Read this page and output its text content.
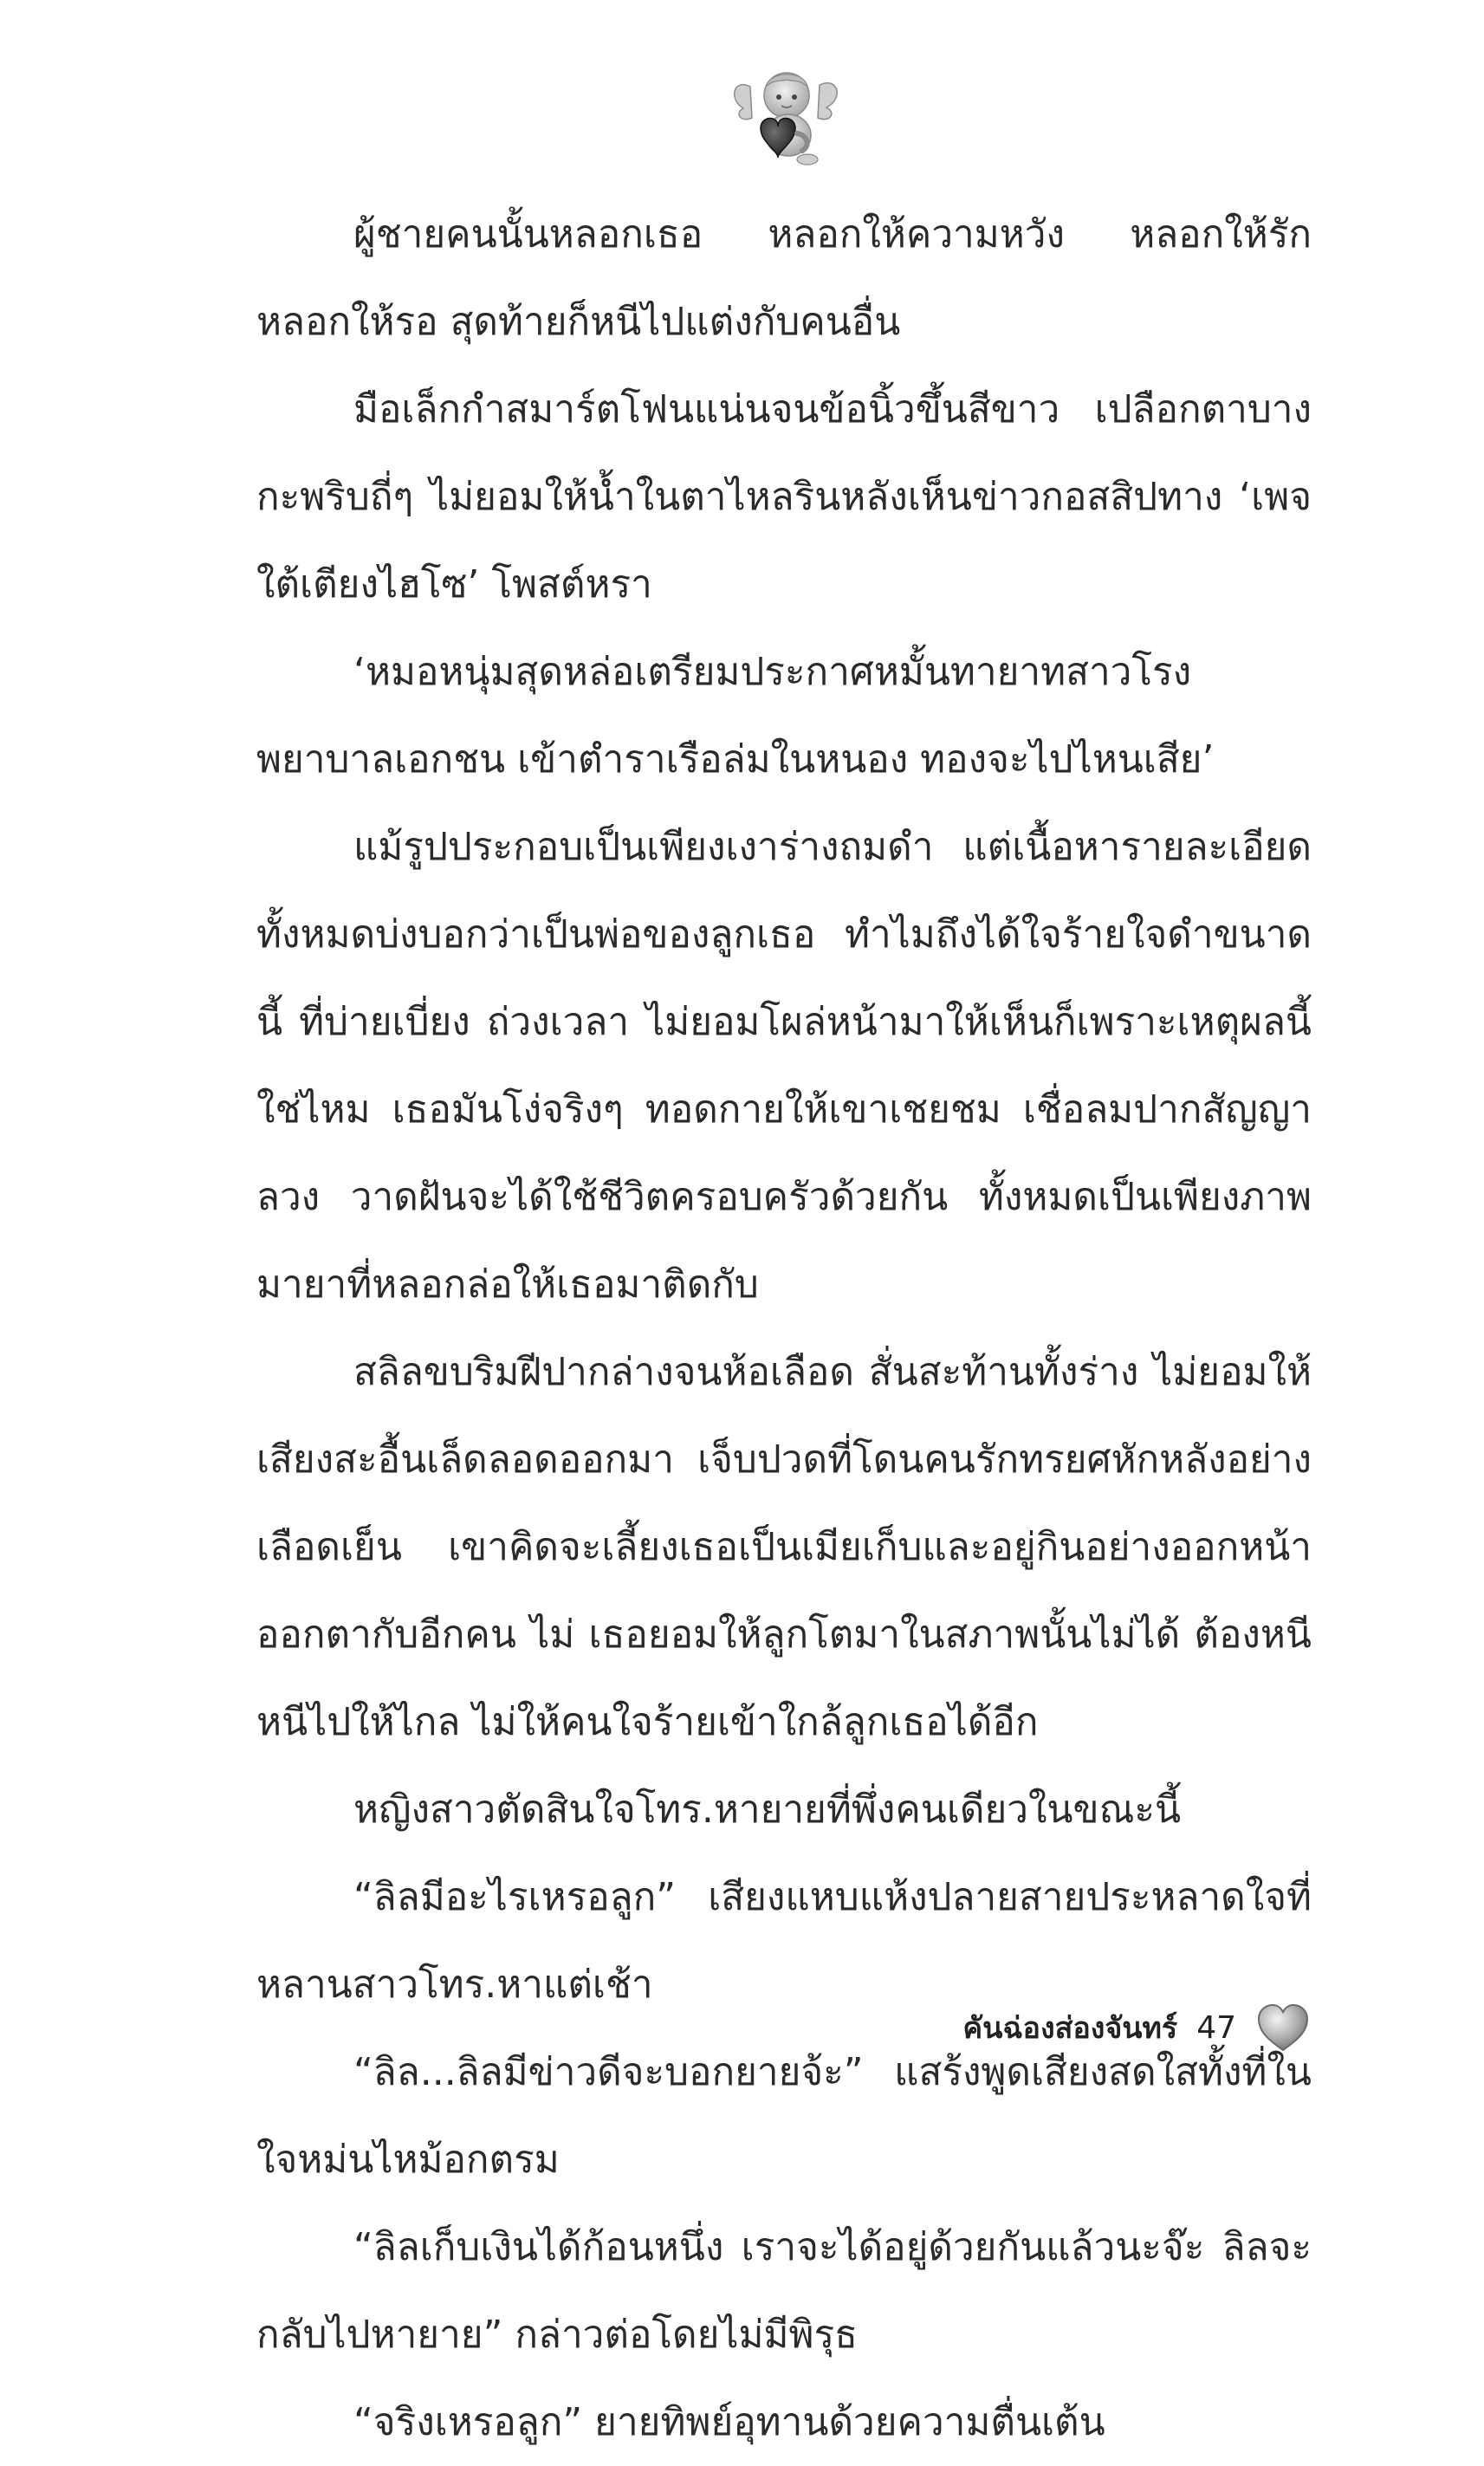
ผู้ชายคนนั้นหลอกเธอ หลอกให้ความหวัง หลอกให้รัก หลอกให้รอ สุดท้ายก็หนีไปแต่งกับคนอื่น

มือเล็กกำสมาร์ตโฟนแน่นจนข้อนิ้วขึ้นสีขาว เปลือกตาบางกะพริบถี่ๆ ไม่ยอมให้น้ำในตาไหลรินหลังเห็นข่าวกอสสิปทาง ‘เพจใต้เตียงไฮโซ’ โพสต์หรา

‘หมอหนุ่มสุดหล่อเตรียมประกาศหมั้นทายาทสาวโรงพยาบาลเอกชน เข้าตำราเรือล่มในหนอง ทองจะไปไหนเสีย’

แม้รูปประกอบเป็นเพียงเงาร่างถมดำ แต่เนื้อหารายละเอียดทั้งหมดบ่งบอกว่าเป็นพ่อของลูกเธอ ทำไมถึงได้ใจร้ายใจดำขนาดนี้ ที่บ่ายเบี่ยง ถ่วงเวลา ไม่ยอมโผล่หน้ามาให้เห็นก็เพราะเหตุผลนี้ใช่ไหม เธอมันโง่จริงๆ ทอดกายให้เขาเชยชม เชื่อลมปากสัญญาลวง วาดฝันจะได้ใช้ชีวิตครอบครัวด้วยกัน ทั้งหมดเป็นเพียงภาพมายาที่หลอกล่อให้เธอมาติดกับ

สลิลขบริมฝีปากล่างจนห้อเลือด สั่นสะท้านทั้งร่าง ไม่ยอมให้เสียงสะอื้นเล็ดลอดออกมา เจ็บปวดที่โดนคนรักทรยศหักหลังอย่างเลือดเย็น เขาคิดจะเลี้ยงเธอเป็นเมียเก็บและอยู่กินอย่างออกหน้าออกตากับอีกคน ไม่ เธอยอมให้ลูกโตมาในสภาพนั้นไม่ได้ ต้องหนี หนีไปให้ไกล ไม่ให้คนใจร้ายเข้าใกล้ลูกเธอได้อีก

หญิงสาวตัดสินใจโทร.หายายที่พึ่งคนเดียวในขณะนี้

“ลิลมีอะไรเหรอลูก” เสียงแหบแห้งปลายสายประหลาดใจที่หลานสาวโทร.หาแต่เช้า

“ลิล...ลิลมีข่าวดีจะบอกยายจ้ะ” แสร้งพูดเสียงสดใสทั้งที่ในใจหม่นไหม้อกตรม

“ลิลเก็บเงินได้ก้อนหนึ่ง เราจะได้อยู่ด้วยกันแล้วนะจ๊ะ ลิลจะกลับไปหายาย” กล่าวต่อโดยไม่มีพิรุธ

“จริงเหรอลูก” ยายทิพย์อุทานด้วยความตื่นเต้น

คันฉ่องส่องจันทร์ 47
